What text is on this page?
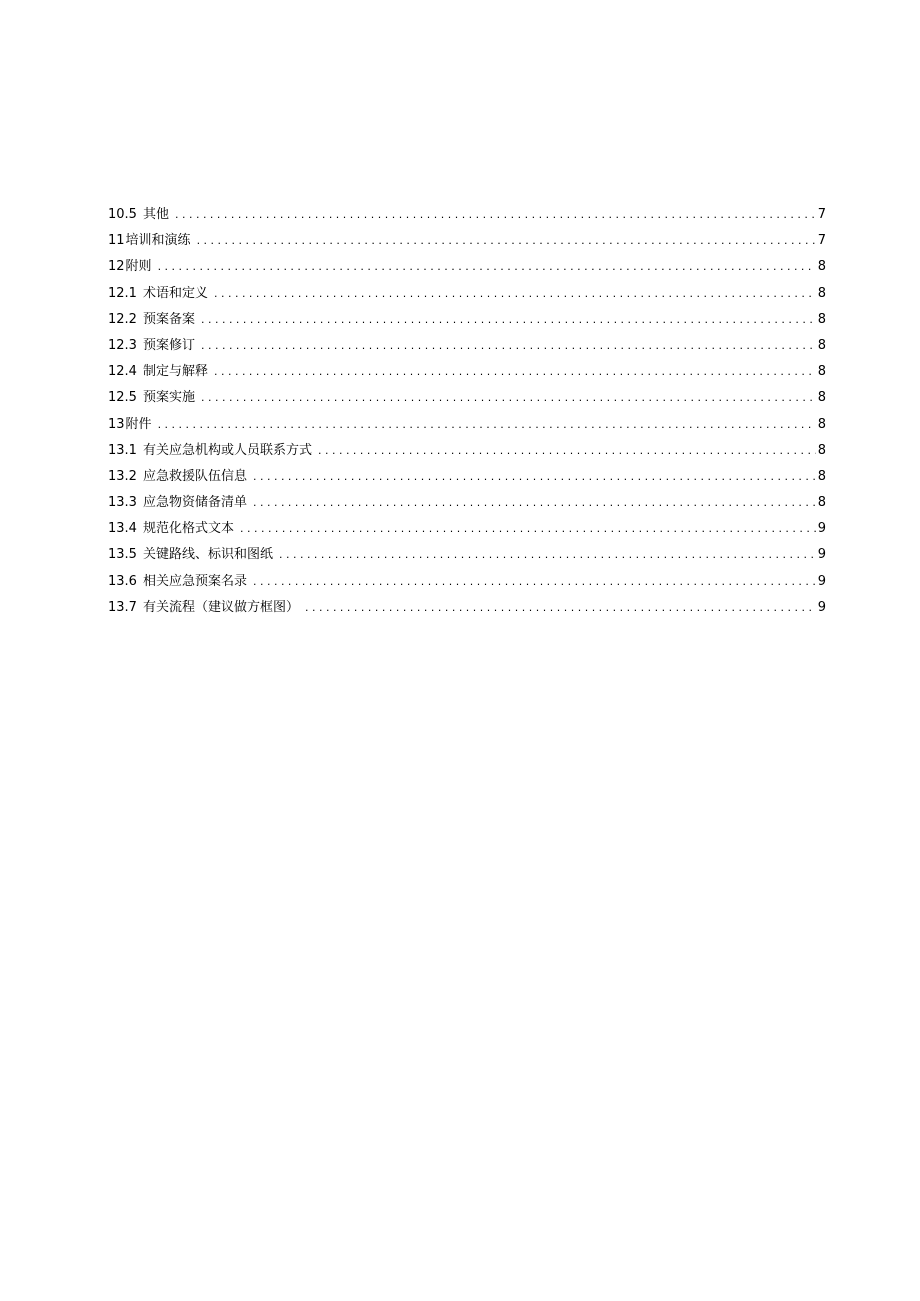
10.5 其他 . . .	7
11 培训和演练 . . .	7
12 附则 . . .	8
12.1 术语和定义 . . .	8
12.2 预案备案 . . .	8
12.3 预案修订 . . .	8
12.4 制定与解释 . . .	8
12.5 预案实施 . . .	8
13 附件 . . .	8
13.1 有关应急机构或人员联系方式 . . .	8
13.2 应急救援队伍信息 . . .	8
13.3 应急物资储备清单 . . .	8
13.4 规范化格式文本 . . .	9
13.5 关键路线、标识和图纸 . . .	9
13.6 相关应急预案名录 . . .	9
13.7 有关流程（建议做方框图） . . .	9
